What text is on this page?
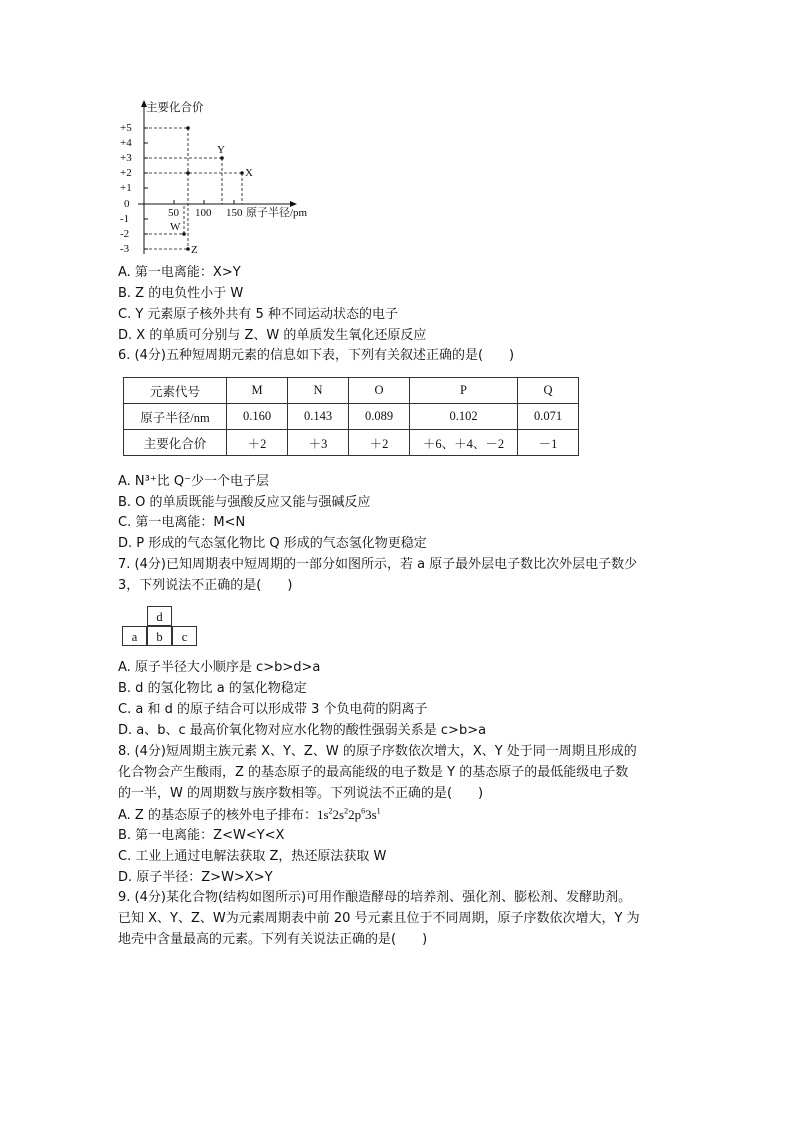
主要化合价
+5
+4
+3
+2
+1
0
-1
-2
-3
50 100 150 原子半径/pm
Y
X
W
Z
A. 第一电离能：X>Y
B. Z 的电负性小于 W
C. Y 元素原子核外共有 5 种不同运动状态的电子
D. X 的单质可分别与 Z、W 的单质发生氧化还原反应
6. (4分)五种短周期元素的信息如下表，下列有关叙述正确的是(　　)
元素代号	M	N	O	P	Q
原子半径/nm	0.160	0.143	0.089	0.102	0.071
主要化合价	＋2	＋3	＋2	＋6、＋4、－2	－1
A. N³⁺比 Q⁻少一个电子层
B. O 的单质既能与强酸反应又能与强碱反应
C. 第一电离能：M<N
D. P 形成的气态氢化物比 Q 形成的气态氢化物更稳定
7. (4分)已知周期表中短周期的一部分如图所示，若 a 原子最外层电子数比次外层电子数少
3，下列说法不正确的是(　　)
d
a	b	c
A. 原子半径大小顺序是 c>b>d>a
B. d 的氢化物比 a 的氢化物稳定
C. a 和 d 的原子结合可以形成带 3 个负电荷的阴离子
D. a、b、c 最高价氧化物对应水化物的酸性强弱关系是 c>b>a
8. (4分)短周期主族元素 X、Y、Z、W 的原子序数依次增大，X、Y 处于同一周期且形成的
化合物会产生酸雨，Z 的基态原子的最高能级的电子数是 Y 的基态原子的最低能级电子数
的一半，W 的周期数与族序数相等。下列说法不正确的是(　　)
A. Z 的基态原子的核外电子排布：$1s^22s^22p^63s^1$
B. 第一电离能：Z<W<Y<X
C. 工业上通过电解法获取 Z，热还原法获取 W
D. 原子半径：Z>W>X>Y
9. (4分)某化合物(结构如图所示)可用作酿造酵母的培养剂、强化剂、膨松剂、发酵助剂。
已知 X、Y、Z、W为元素周期表中前 20 号元素且位于不同周期，原子序数依次增大，Y 为
地壳中含量最高的元素。下列有关说法正确的是(　　)
